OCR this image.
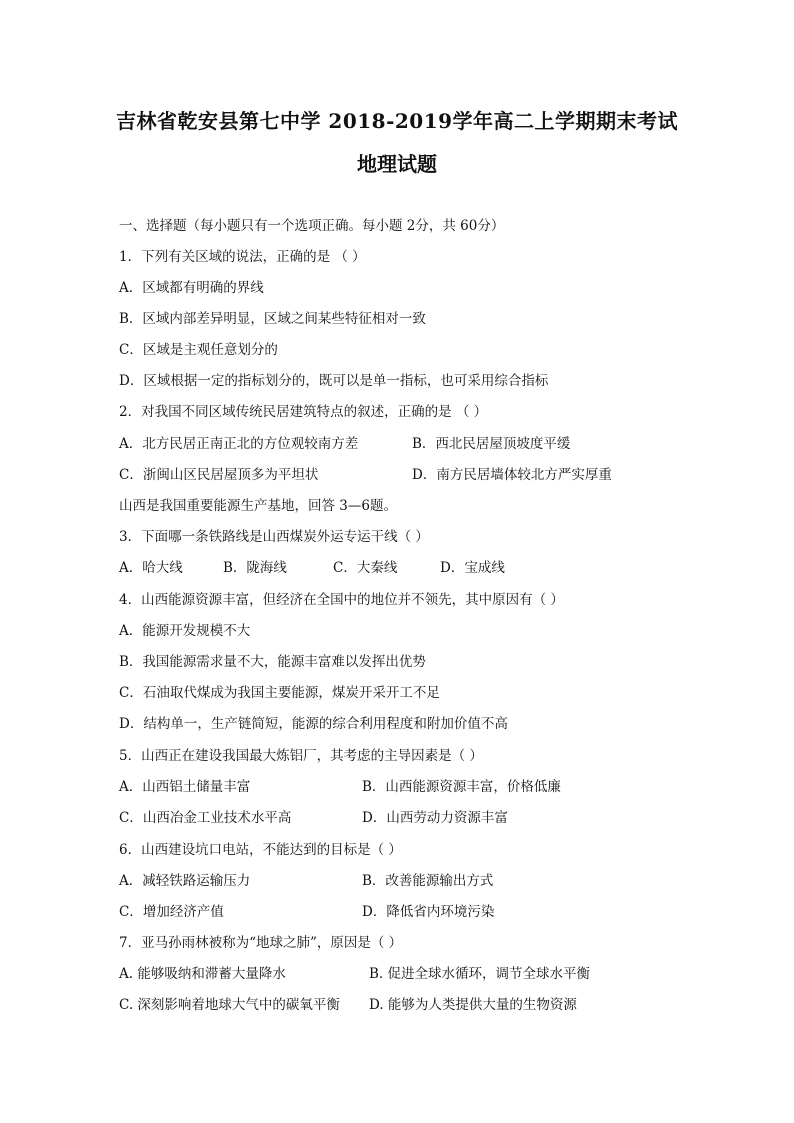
吉林省乾安县第七中学 2018-2019学年高二上学期期末考试
地理试题
一、选择题（每小题只有一个选项正确。每小题 2分，共 60分）
1．下列有关区域的说法，正确的是 （ ）
A．区域都有明确的界线
B．区域内部差异明显，区域之间某些特征相对一致
C．区域是主观任意划分的
D．区域根据一定的指标划分的，既可以是单一指标，也可采用综合指标
2．对我国不同区域传统民居建筑特点的叙述，正确的是 （ ）
A．北方民居正南正北的方位观较南方差	B．西北民居屋顶坡度平缓
C．浙闽山区民居屋顶多为平坦状	D．南方民居墙体较北方严实厚重
山西是我国重要能源生产基地，回答 3—6题。
3．下面哪一条铁路线是山西煤炭外运专运干线（ ）
A．哈大线	B．陇海线	C．大秦线	D．宝成线
4．山西能源资源丰富，但经济在全国中的地位并不领先，其中原因有（ ）
A．能源开发规模不大
B．我国能源需求量不大，能源丰富难以发挥出优势
C．石油取代煤成为我国主要能源，煤炭开采开工不足
D．结构单一，生产链简短，能源的综合利用程度和附加价值不高
5．山西正在建设我国最大炼铝厂，其考虑的主导因素是（ ）
A．山西铝土储量丰富	B．山西能源资源丰富，价格低廉
C．山西冶金工业技术水平高	D．山西劳动力资源丰富
6．山西建设坑口电站，不能达到的目标是（ ）
A．减轻铁路运输压力	B．改善能源输出方式
C．增加经济产值	D．降低省内环境污染
7．亚马孙雨林被称为“地球之肺”，原因是（ ）
A. 能够吸纳和滞蓄大量降水	B. 促进全球水循环，调节全球水平衡
C. 深刻影响着地球大气中的碳氧平衡 D. 能够为人类提供大量的生物资源
